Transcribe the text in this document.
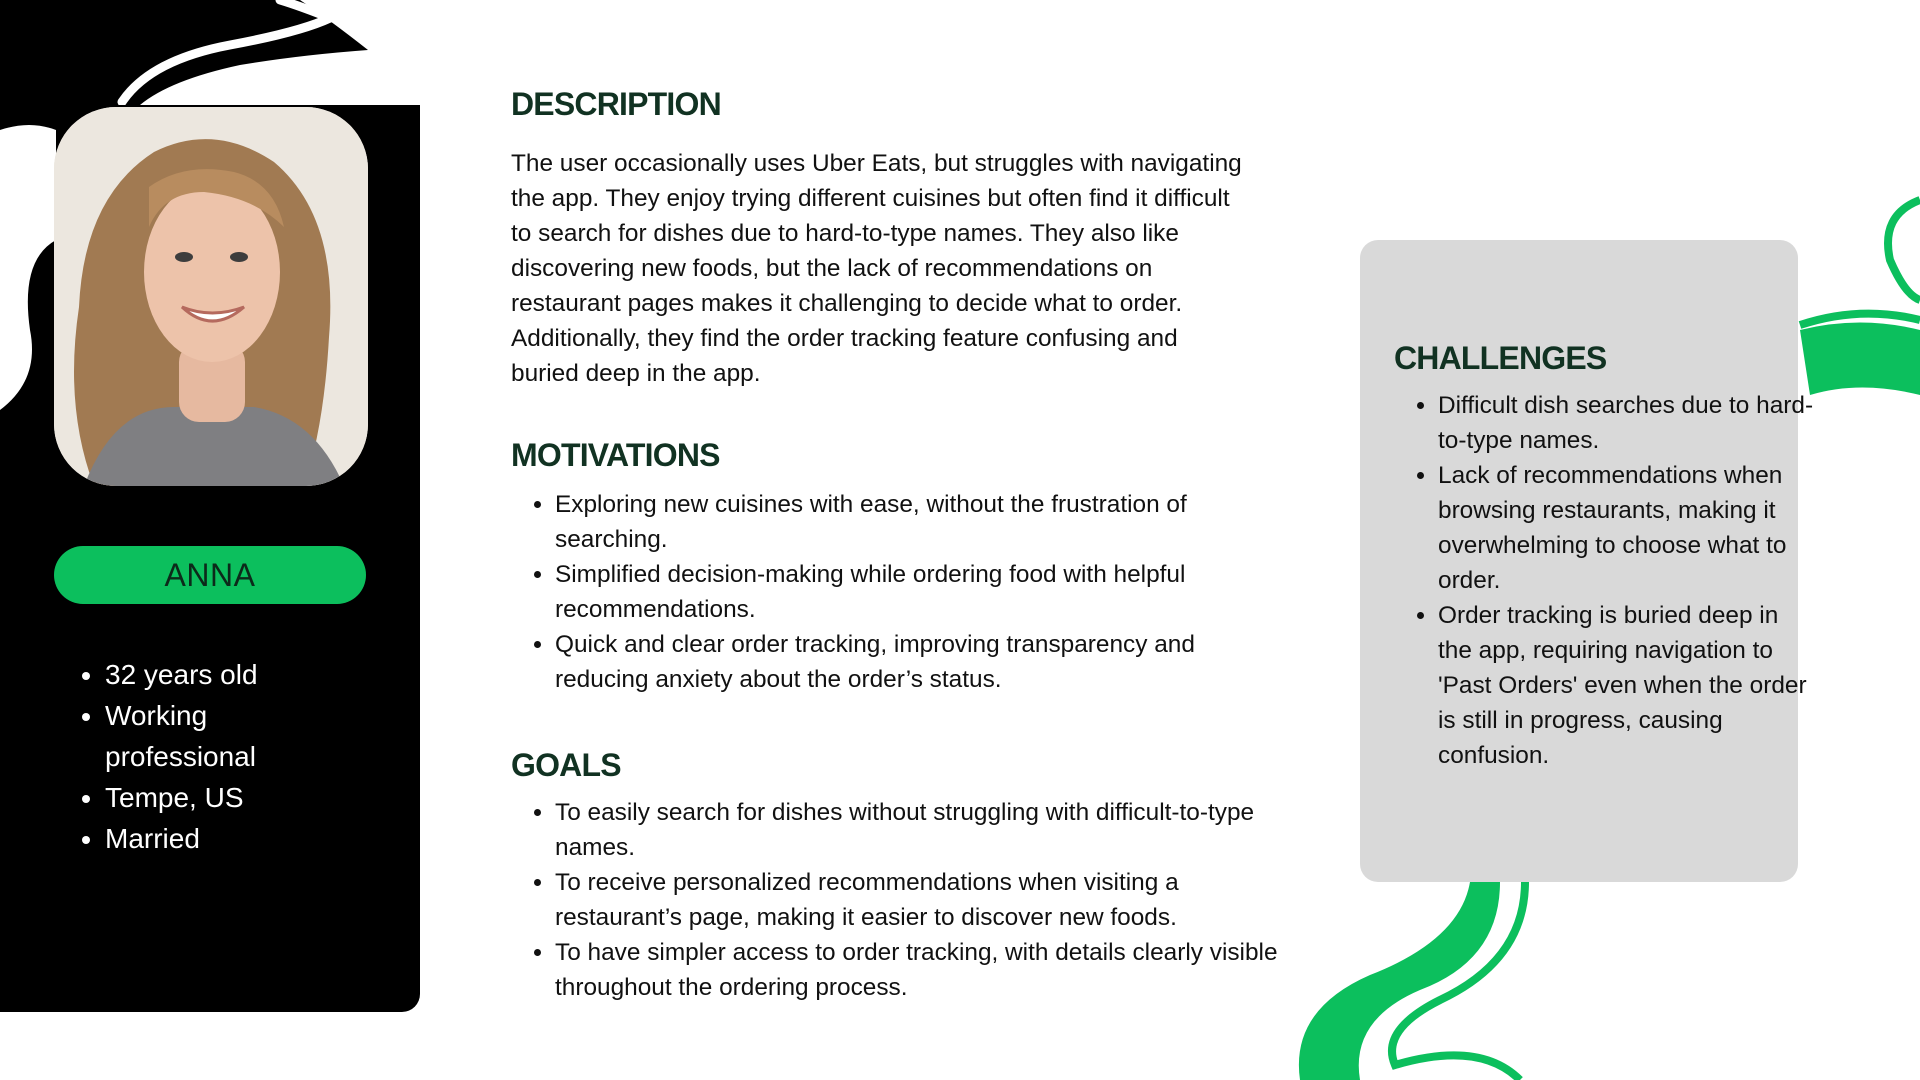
ANNA
• 32 years old
• Working professional
• Tempe, US
• Married
DESCRIPTION

The user occasionally uses Uber Eats, but struggles with navigating the app. They enjoy trying different cuisines but often find it difficult to search for dishes due to hard-to-type names. They also like discovering new foods, but the lack of recommendations on restaurant pages makes it challenging to decide what to order. Additionally, they find the order tracking feature confusing and buried deep in the app.

MOTIVATIONS
• Exploring new cuisines with ease, without the frustration of searching.
• Simplified decision-making while ordering food with helpful recommendations.
• Quick and clear order tracking, improving transparency and reducing anxiety about the order’s status.
GOALS
• To easily search for dishes without struggling with difficult-to-type names.
• To receive personalized recommendations when visiting a restaurant’s page, making it easier to discover new foods.
• To have simpler access to order tracking, with details clearly visible throughout the ordering process.
CHALLENGES
• Difficult dish searches due to hard-to-type names.
• Lack of recommendations when browsing restaurants, making it overwhelming to choose what to order.
• Order tracking is buried deep in the app, requiring navigation to 'Past Orders' even when the order is still in progress, causing confusion.
